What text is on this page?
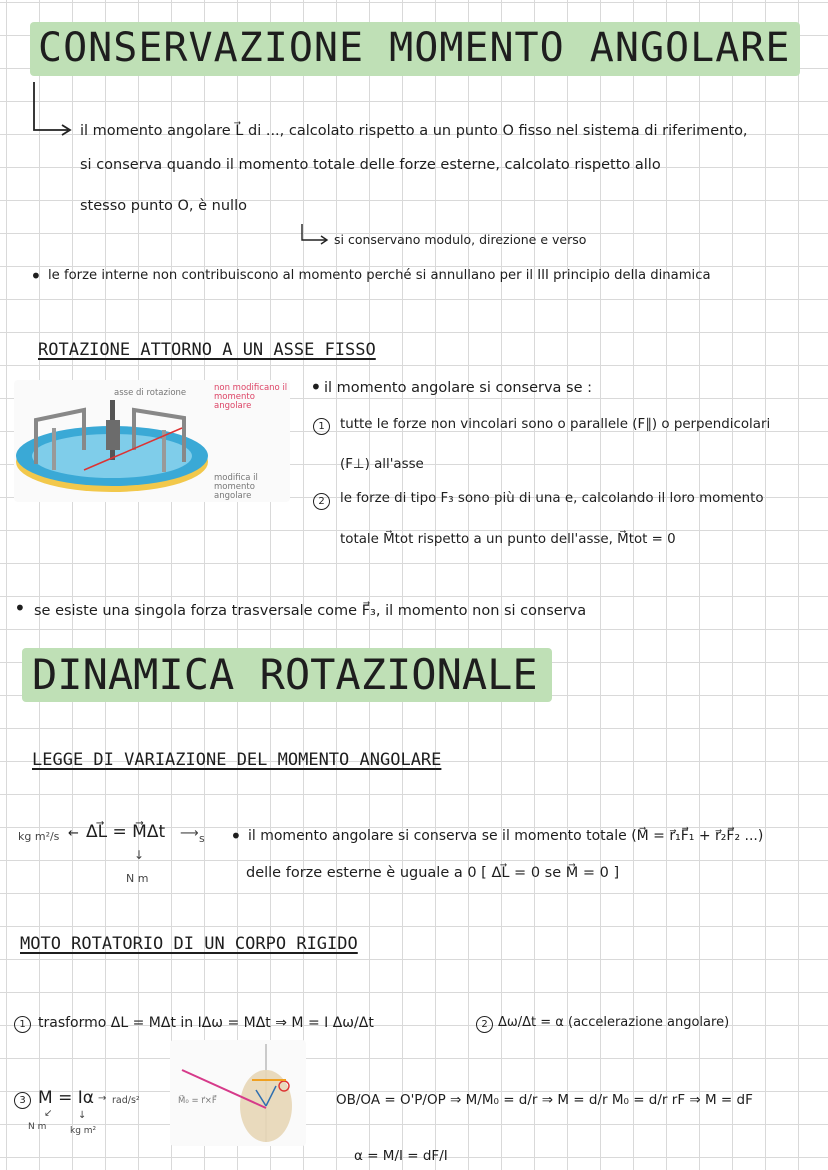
CONSERVAZIONE MOMENTO ANGOLARE
il momento angolare L⃗ di ..., calcolato rispetto a un punto O fisso nel sistema di riferimento,
si conserva quando il momento totale delle forze esterne, calcolato rispetto allo
stesso punto O, è nullo
si conservano modulo, direzione e verso
• le forze interne non contribuiscono al momento perché si annullano per il III principio della dinamica
ROTAZIONE ATTORNO A UN ASSE FISSO
asse di rotazione	non modificano il momento angolare
modifica il momento angolare
• il momento angolare si conserva se :
1	tutte le forze non vincolari sono o parallele (F∥) o perpendicolari
(F⊥) all'asse
2	le forze di tipo F₃ sono più di una e, calcolando il loro momento
totale M⃗tot rispetto a un punto dell'asse, M⃗tot = 0
• se esiste una singola forza trasversale come F⃗₃, il momento non si conserva
DINAMICA ROTAZIONALE
LEGGE DI VARIAZIONE DEL MOMENTO ANGOLARE
kg m²/s ← ΔL⃗ = M⃗Δt ⟶ s
↓
N m
• il momento angolare si conserva se il momento totale (M⃗ = r⃗₁F⃗₁ + r⃗₂F⃗₂ ...)
delle forze esterne è uguale a 0 [ ΔL⃗ = 0 se M⃗ = 0 ]
MOTO ROTATORIO DI UN CORPO RIGIDO
1 trasformo ΔL = MΔt in IΔω = MΔt ⇒ M = I Δω/Δt	2 Δω/Δt = α (accelerazione angolare)
3 M = Iα → rad/s²
↙
N m
↓
kg m²
M⃗₀ = r⃗×F⃗	OB/OA = O'P/OP ⇒ M/M₀ = d/r ⇒ M = d/r M₀ = d/r rF ⇒ M = dF
α = M/I = dF/I
